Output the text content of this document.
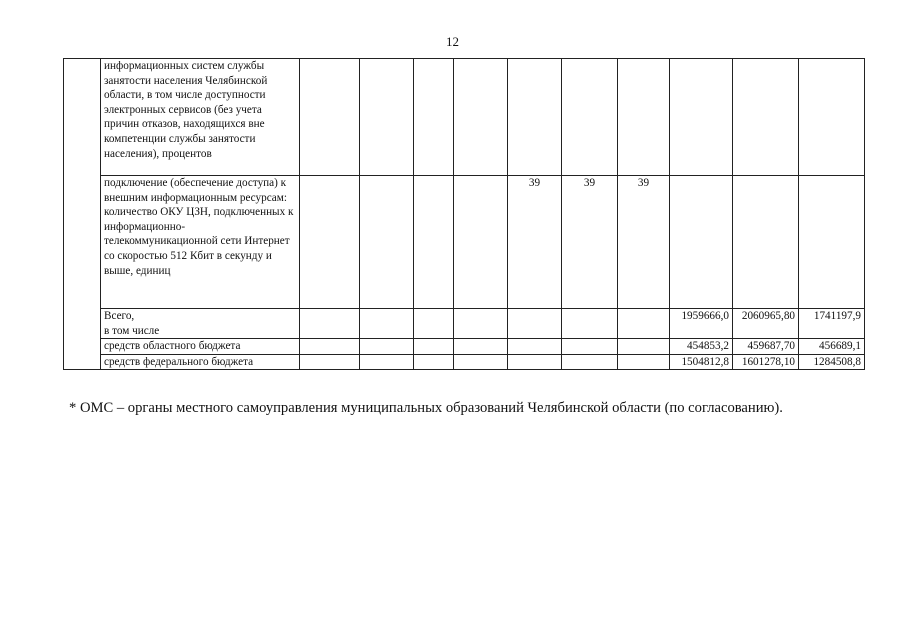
12
	информационных систем службы занятости населения Челябинской области, в том числе доступности электронных сервисов (без учета причин отказов, находящихся вне компетенции службы занятости населения), процентов										
	подключение (обеспечение доступа) к внешним информационным ресурсам: количество ОКУ ЦЗН, подключенных к информационно-телекоммуникационной сети Интернет со скоростью 512 Кбит в секунду и выше, единиц					39	39	39			
	Всего,
в том числе								1959666,0	2060965,80	1741197,9
	средств областного бюджета								454853,2	459687,70	456689,1
	средств федерального бюджета								1504812,8	1601278,10	1284508,8
* ОМС – органы местного самоуправления муниципальных образований Челябинской области (по согласованию).
